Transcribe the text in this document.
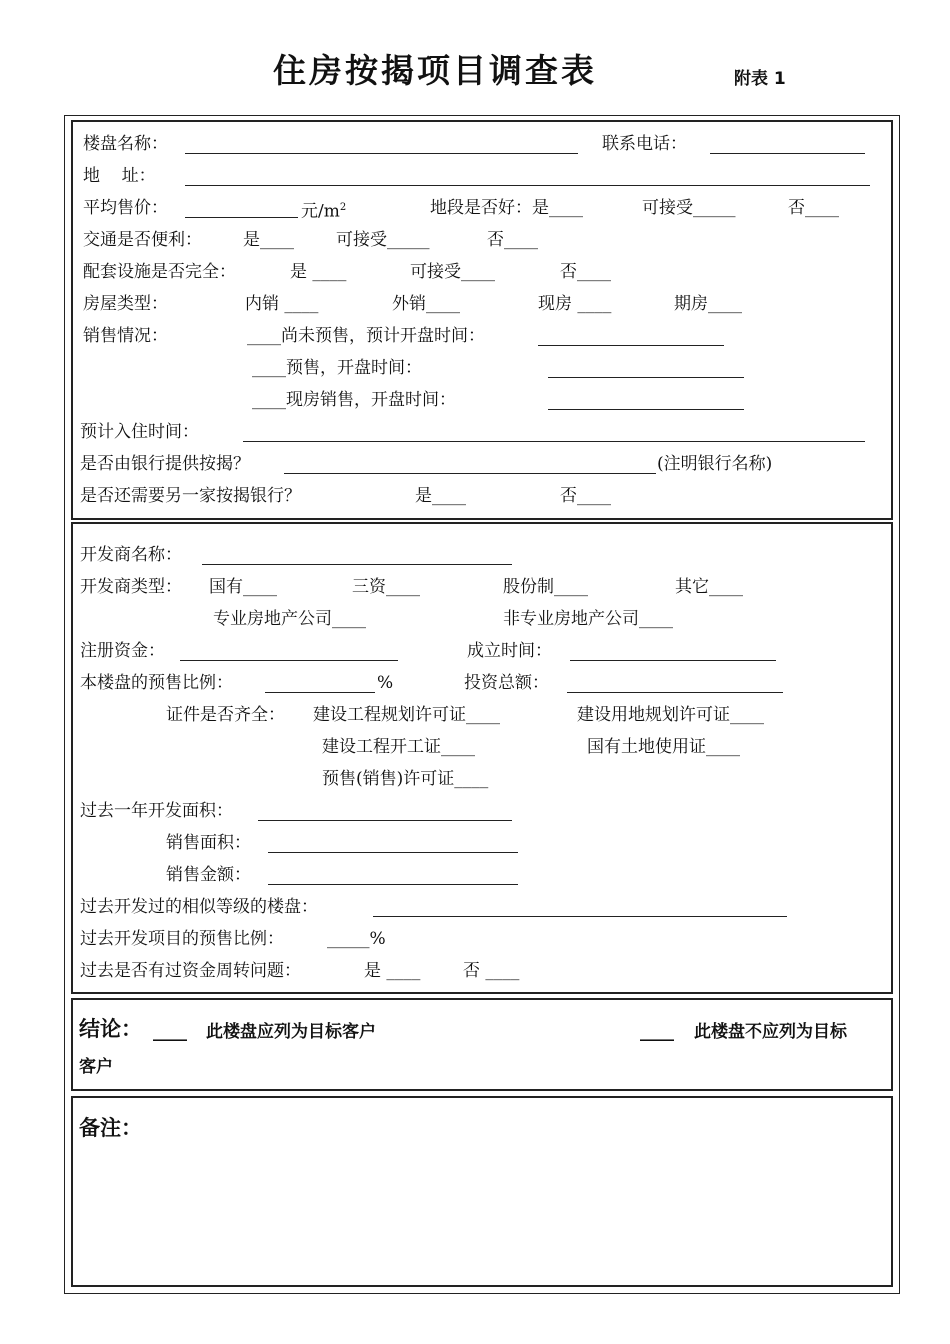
住房按揭项目调查表	附表 1
楼盘名称：	联系电话：
地    址：
平均售价：	元$/m^2$	地段是否好：是____	可接受_____	否____
交通是否便利： 是____ 可接受_____	否____
配套设施是否完全：	是 ____	可接受____	否____
房屋类型：	内销 ____	外销____	现房 ____	期房____
销售情况：	____尚未预售，预计开盘时间：
____预售，开盘时间：
____现房销售，开盘时间：
预计入住时间：
是否由银行提供按揭？	(注明银行名称)
是否还需要另一家按揭银行？	是____	否____
开发商名称：
开发商类型： 国有____	三资____	股份制____	其它____
专业房地产公司____	非专业房地产公司____
注册资金：	成立时间：
本楼盘的预售比例：	%	投资总额：
证件是否齐全： 建设工程规划许可证____	建设用地规划许可证____
建设工程开工证____	国有土地使用证____
预售(销售)许可证____
过去一年开发面积：
销售面积：
销售金额：
过去开发过的相似等级的楼盘：
过去开发项目的预售比例：	_____%
过去是否有过资金周转问题：	是 ____	否 ____
结论： ____ 此楼盘应列为目标客户	____ 此楼盘不应列为目标
客户
备注：
